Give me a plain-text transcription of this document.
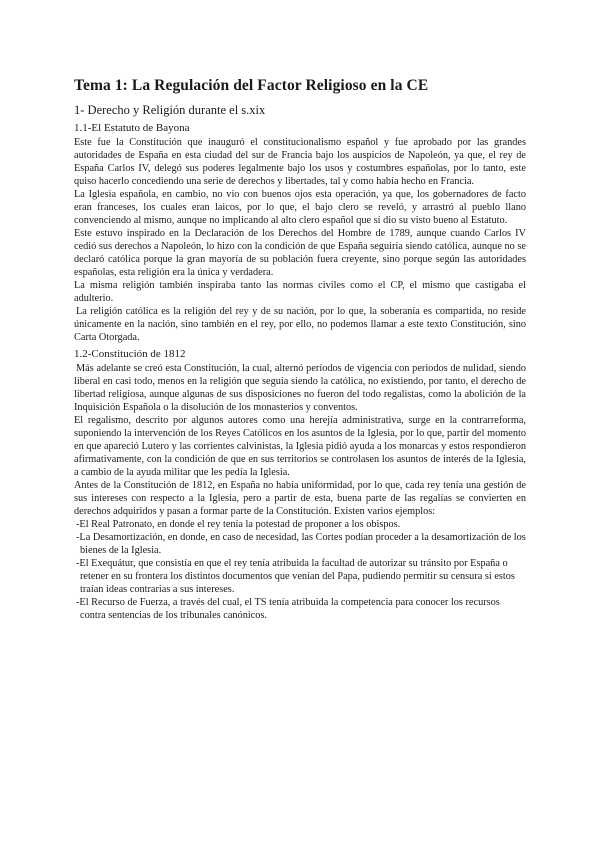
Tema 1: La Regulación del Factor Religioso en la CE
1- Derecho y Religión durante el s.xix
1.1-El Estatuto de Bayona

Este fue la Constitución que inauguró el constitucionalismo español y fue aprobado por las grandes autoridades de España en esta ciudad del sur de Francia bajo los auspicios de Napoleón, ya que, el rey de España Carlos IV, delegó sus poderes legalmente bajo los usos y costumbres españolas, por lo tanto, este quiso hacerlo concediendo una serie de derechos y libertades, tal y como había hecho en Francia.

La Iglesia española, en cambio, no vio con buenos ojos esta operación, ya que, los gobernadores de facto eran franceses, los cuales eran laicos, por lo que, el bajo clero se reveló, y arrastró al pueblo llano convenciendo al mismo, aunque no implicando al alto clero español que sí dio su visto bueno al Estatuto.

Este estuvo inspirado en la Declaración de los Derechos del Hombre de 1789, aunque cuando Carlos IV cedió sus derechos a Napoleón, lo hizo con la condición de que España seguiría siendo católica, aunque no se declaró católica porque la gran mayoría de su población fuera creyente, sino porque según las autoridades españolas, esta religión era la única y verdadera.

La misma religión también inspiraba tanto las normas civiles como el CP, el mismo que castigaba el adulterio.

La religión católica es la religión del rey y de su nación, por lo que, la soberanía es compartida, no reside únicamente en la nación, sino también en el rey, por ello, no podemos llamar a este texto Constitución, sino Carta Otorgada.

1.2-Constitución de 1812

Más adelante se creó esta Constitución, la cual, alternó períodos de vigencia con periodos de nulidad, siendo liberal en casi todo, menos en la religión que seguía siendo la católica, no existiendo, por tanto, el derecho de libertad religiosa, aunque algunas de sus disposiciones no fueron del todo regalistas, como la abolición de la Inquisición Española o la disolución de los monasterios y conventos.

El regalismo, descrito por algunos autores como una herejía administrativa, surge en la contrarreforma, suponiendo la intervención de los Reyes Católicos en los asuntos de la Iglesia, por lo que, partir del momento en que apareció Lutero y las corrientes calvinistas, la Iglesia pidió ayuda a los monarcas y estos respondieron afirmativamente, con la condición de que en sus territorios se controlasen los asuntos de interés de la Iglesia, a cambio de la ayuda militar que les pedía la Iglesia.

Antes de la Constitución de 1812, en España no había uniformidad, por lo que, cada rey tenía una gestión de sus intereses con respecto a la Iglesia, pero a partir de esta, buena parte de las regalías se convierten en derechos adquiridos y pasan a formar parte de la Constitución. Existen varios ejemplos:

-El Real Patronato, en donde el rey tenía la potestad de proponer a los obispos.
-La Desamortización, en donde, en caso de necesidad, las Cortes podían proceder a la desamortización de los bienes de la Iglesia.
-El Exequátur, que consistía en que el rey tenía atribuida la facultad de autorizar su tránsito por España o retener en su frontera los distintos documentos que venían del Papa, pudiendo permitir su censura si estos traían ideas contrarias a sus intereses.
-El Recurso de Fuerza, a través del cual, el TS tenía atribuida la competencia para conocer los recursos contra sentencias de los tribunales canónicos.
